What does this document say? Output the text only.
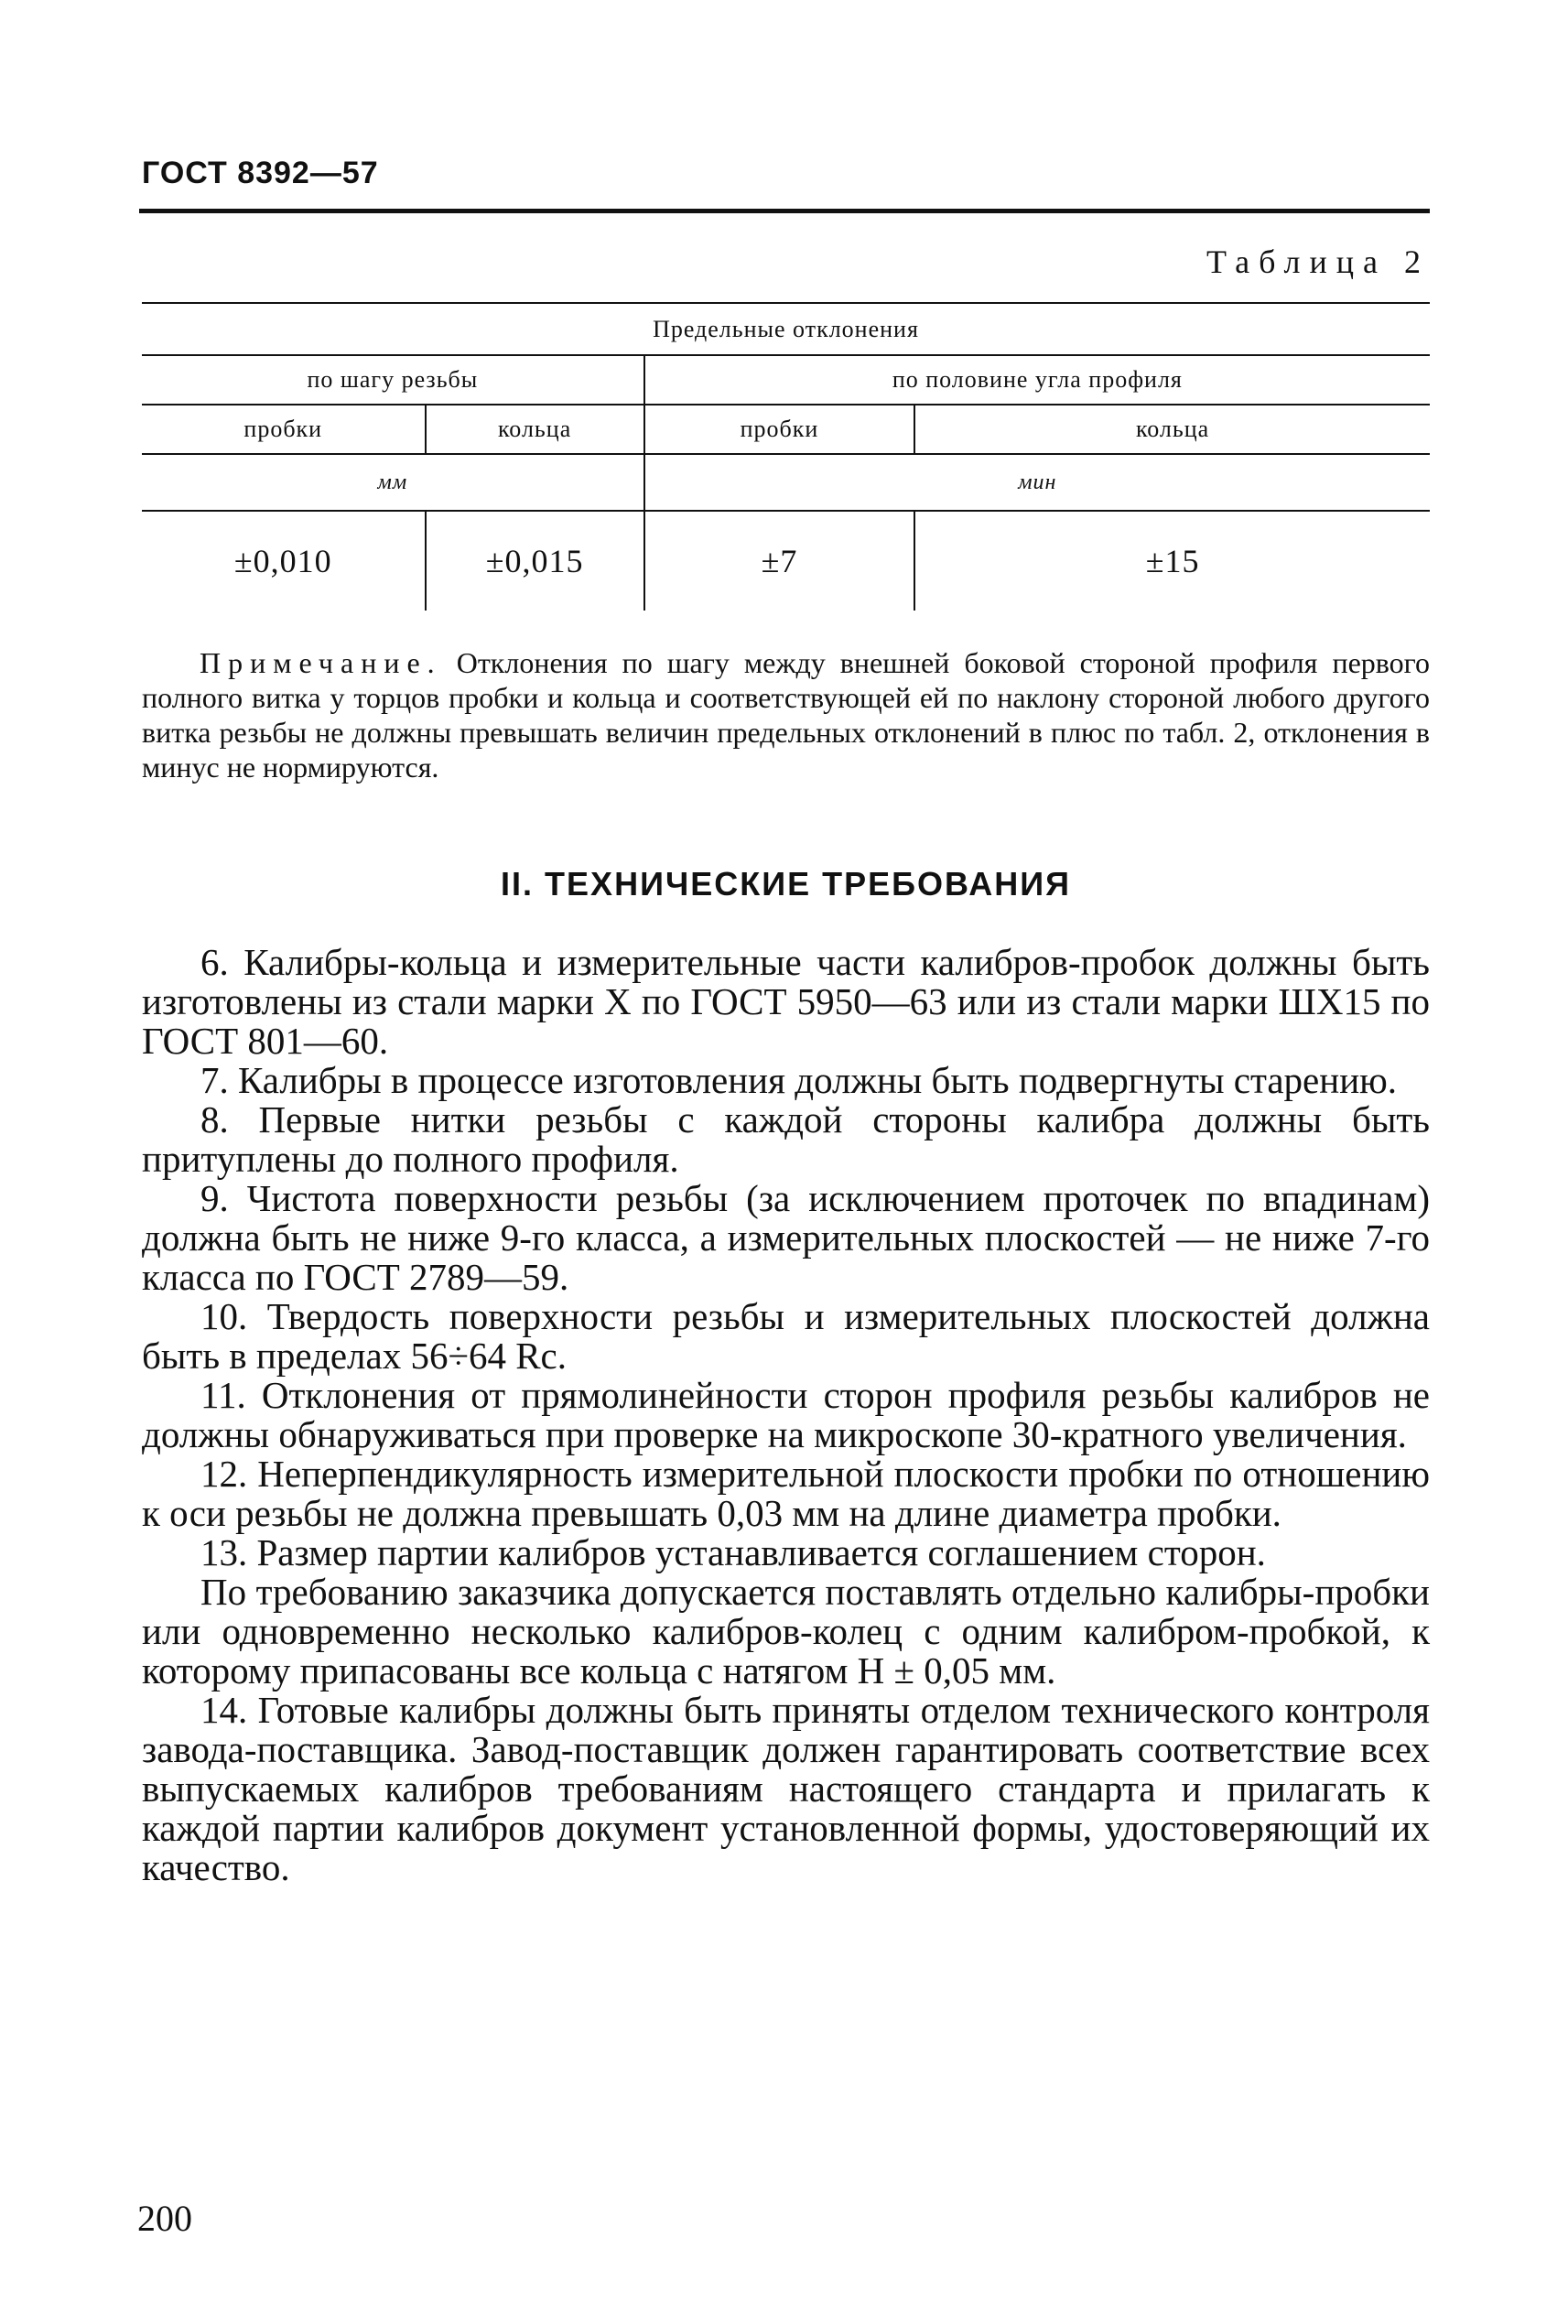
ГОСТ 8392—57
Таблица 2
Предельные отклонения			
по шагу резьбы		по половине угла профиля	
пробки	кольца	пробки	кольца
мм		мин	
±0,010	±0,015	±7	±15
Примечание. Отклонения по шагу между внешней боковой стороной профиля первого полного витка у торцов пробки и кольца и соответствующей ей по наклону стороной любого другого витка резьбы не должны превышать величин предельных отклонений в плюс по табл. 2, отклонения в минус не нормируются.
II. ТЕХНИЧЕСКИЕ ТРЕБОВАНИЯ

6. Калибры-кольца и измерительные части калибров-пробок должны быть изготовлены из стали марки Х по ГОСТ 5950—63 или из стали марки ШХ15 по ГОСТ 801—60.

7. Калибры в процессе изготовления должны быть подвергнуты старению.

8. Первые нитки резьбы с каждой стороны калибра должны быть притуплены до полного профиля.

9. Чистота поверхности резьбы (за исключением проточек по впадинам) должна быть не ниже 9-го класса, а измерительных плоскостей — не ниже 7-го класса по ГОСТ 2789—59.

10. Твердость поверхности резьбы и измерительных плоскостей должна быть в пределах 56÷64 Rc.

11. Отклонения от прямолинейности сторон профиля резьбы калибров не должны обнаруживаться при проверке на микроскопе 30-кратного увеличения.

12. Неперпендикулярность измерительной плоскости пробки по отношению к оси резьбы не должна превышать 0,03 мм на длине диаметра пробки.

13. Размер партии калибров устанавливается соглашением сторон.

По требованию заказчика допускается поставлять отдельно калибры-пробки или одновременно несколько калибров-колец с одним калибром-пробкой, к которому припасованы все кольца с натягом H ± 0,05 мм.

14. Готовые калибры должны быть приняты отделом технического контроля завода-поставщика. Завод-поставщик должен гарантировать соответствие всех выпускаемых калибров требованиям настоящего стандарта и прилагать к каждой партии калибров документ установленной формы, удостоверяющий их качество.

200
